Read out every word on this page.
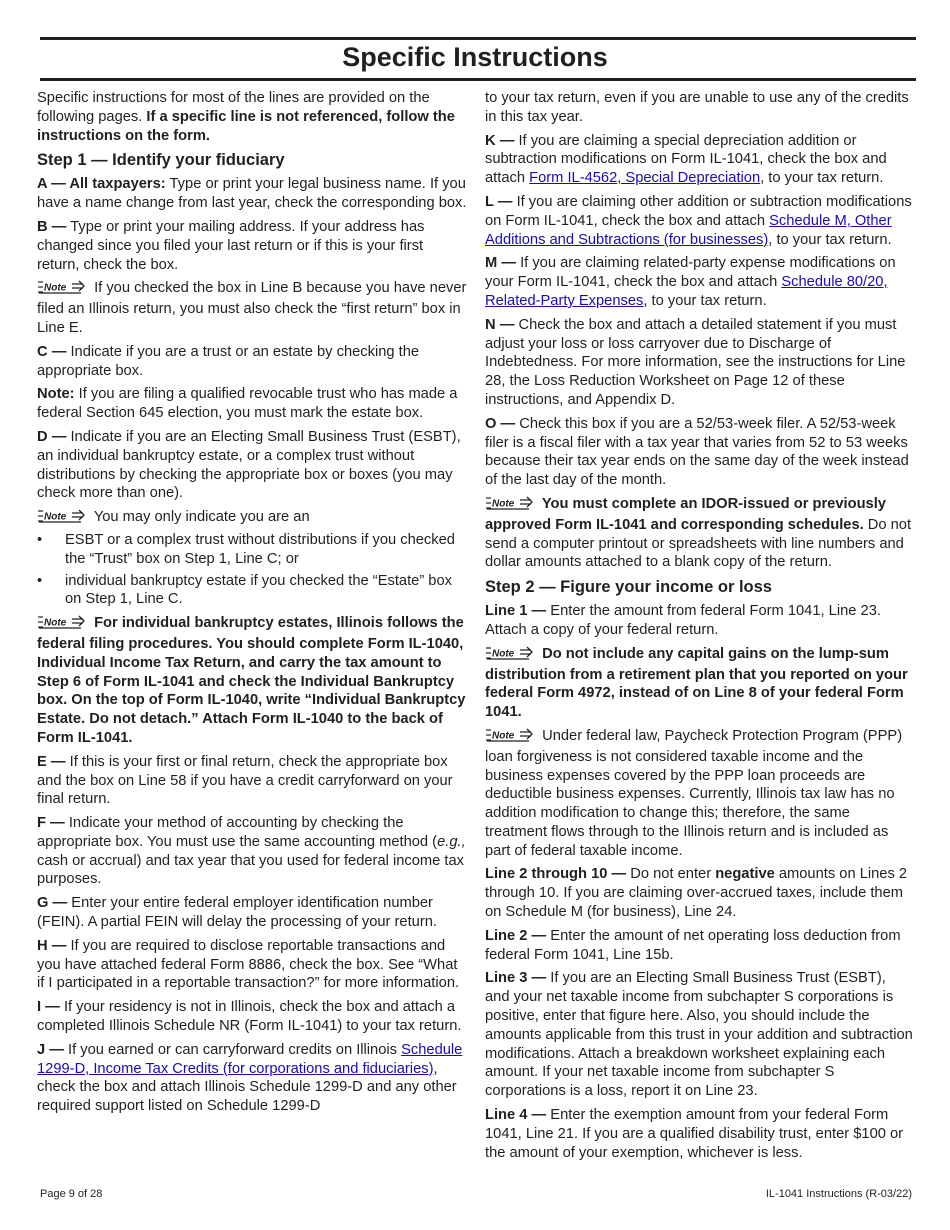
Specific Instructions

Specific instructions for most of the lines are provided on the following pages. If a specific line is not referenced, follow the instructions on the form.

Step 1 — Identify your fiduciary

A — All taxpayers: Type or print your legal business name. If you have a name change from last year, check the corresponding box.

B — Type or print your mailing address. If your address has changed since you filed your last return or if this is your first return, check the box.

Note If you checked the box in Line B because you have never filed an Illinois return, you must also check the “first return” box in Line E.

C — Indicate if you are a trust or an estate by checking the appropriate box.

Note: If you are filing a qualified revocable trust who has made a federal Section 645 election, you must mark the estate box.

D — Indicate if you are an Electing Small Business Trust (ESBT), an individual bankruptcy estate, or a complex trust without distributions by checking the appropriate box or boxes (you may check more than one).

Note You may only indicate you are an

• ESBT or a complex trust without distributions if you checked the “Trust” box on Step 1, Line C; or
• individual bankruptcy estate if you checked the “Estate” box on Step 1, Line C.

Note For individual bankruptcy estates, Illinois follows the federal filing procedures. You should complete Form IL-1040, Individual Income Tax Return, and carry the tax amount to Step 6 of Form IL-1041 and check the Individual Bankruptcy box. On the top of Form IL-1040, write “Individual Bankruptcy Estate. Do not detach.” Attach Form IL-1040 to the back of Form IL-1041.

E — If this is your first or final return, check the appropriate box and the box on Line 58 if you have a credit carryforward on your final return.

F — Indicate your method of accounting by checking the appropriate box. You must use the same accounting method (e.g., cash or accrual) and tax year that you used for federal income tax purposes.

G — Enter your entire federal employer identification number (FEIN). A partial FEIN will delay the processing of your return.

H — If you are required to disclose reportable transactions and you have attached federal Form 8886, check the box. See “What if I participated in a reportable transaction?” for more information.

I — If your residency is not in Illinois, check the box and attach a completed Illinois Schedule NR (Form IL-1041) to your tax return.

J — If you earned or can carryforward credits on Illinois Schedule 1299-D, Income Tax Credits (for corporations and fiduciaries), check the box and attach Illinois Schedule 1299-D and any other required support listed on Schedule 1299-D

to your tax return, even if you are unable to use any of the credits in this tax year.

K — If you are claiming a special depreciation addition or subtraction modifications on Form IL-1041, check the box and attach Form IL-4562, Special Depreciation, to your tax return.

L — If you are claiming other addition or subtraction modifications on Form IL-1041, check the box and attach Schedule M, Other Additions and Subtractions (for businesses), to your tax return.

M — If you are claiming related-party expense modifications on your Form IL-1041, check the box and attach Schedule 80/20, Related-Party Expenses, to your tax return.

N — Check the box and attach a detailed statement if you must adjust your loss or loss carryover due to Discharge of Indebtedness. For more information, see the instructions for Line 28, the Loss Reduction Worksheet on Page 12 of these instructions, and Appendix D.

O — Check this box if you are a 52/53-week filer. A 52/53-week filer is a fiscal filer with a tax year that varies from 52 to 53 weeks because their tax year ends on the same day of the week instead of the last day of the month.

Note You must complete an IDOR-issued or previously approved Form IL-1041 and corresponding schedules. Do not send a computer printout or spreadsheets with line numbers and dollar amounts attached to a blank copy of the return.

Step 2 — Figure your income or loss

Line 1 — Enter the amount from federal Form 1041, Line 23. Attach a copy of your federal return.

Note Do not include any capital gains on the lump-sum distribution from a retirement plan that you reported on your federal Form 4972, instead of on Line 8 of your federal Form 1041.

Note Under federal law, Paycheck Protection Program (PPP) loan forgiveness is not considered taxable income and the business expenses covered by the PPP loan proceeds are deductible business expenses. Currently, Illinois tax law has no addition modification to change this; therefore, the same treatment flows through to the Illinois return and is included as part of federal taxable income.

Line 2 through 10 — Do not enter negative amounts on Lines 2 through 10. If you are claiming over-accrued taxes, include them on Schedule M (for business), Line 24.

Line 2 — Enter the amount of net operating loss deduction from federal Form 1041, Line 15b.

Line 3 — If you are an Electing Small Business Trust (ESBT), and your net taxable income from subchapter S corporations is positive, enter that figure here. Also, you should include the amounts applicable from this trust in your addition and subtraction modifications. Attach a breakdown worksheet explaining each amount. If your net taxable income from subchapter S corporations is a loss, report it on Line 23.

Line 4 — Enter the exemption amount from your federal Form 1041, Line 21. If you are a qualified disability trust, enter $100 or the amount of your exemption, whichever is less.

Page 9 of 28	IL-1041 Instructions (R-03/22)
